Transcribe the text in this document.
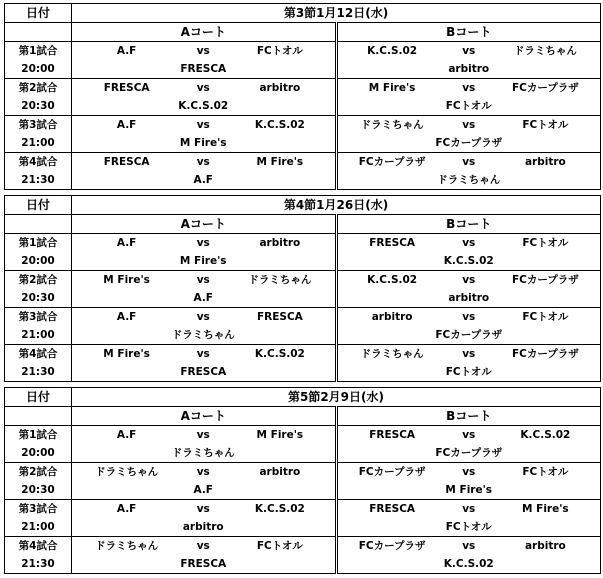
日付	第3節1月12日(水)	
	Aコート	Bコート
第1試合	A.F vs FCトオル	K.C.S.02 vs ドラミちゃん

20:00	FRESCA	arbitro
第2試合	FRESCA vs arbitro	M Fire's vs FCカープラザ

20:30	K.C.S.02	FCトオル
第3試合	A.F vs K.C.S.02	ドラミちゃん vs FCトオル

21:00	M Fire's	FCカープラザ
第4試合	FRESCA vs M Fire's	FCカープラザ vs arbitro

21:30	A.F	ドラミちゃん
日付	第4節1月26日(水)	
	Aコート	Bコート
第1試合	A.F vs arbitro	FRESCA vs FCトオル

20:00	M Fire's	K.C.S.02
第2試合	M Fire's vs ドラミちゃん	K.C.S.02 vs FCカープラザ

20:30	A.F	arbitro
第3試合	A.F vs FRESCA	arbitro vs FCトオル

21:00	ドラミちゃん	FCカープラザ
第4試合	M Fire's vs K.C.S.02	ドラミちゃん vs FCカープラザ

21:30	FRESCA	FCトオル
日付	第5節2月9日(水)	
	Aコート	Bコート
第1試合	A.F vs M Fire's	FRESCA vs K.C.S.02

20:00	ドラミちゃん	FCカープラザ
第2試合	ドラミちゃん vs arbitro	FCカープラザ vs FCトオル

20:30	A.F	M Fire's
第3試合	A.F vs K.C.S.02	FRESCA vs M Fire's

21:00	arbitro	FCトオル
第4試合	ドラミちゃん vs FCトオル	FCカープラザ vs arbitro

21:30	FRESCA	K.C.S.02
